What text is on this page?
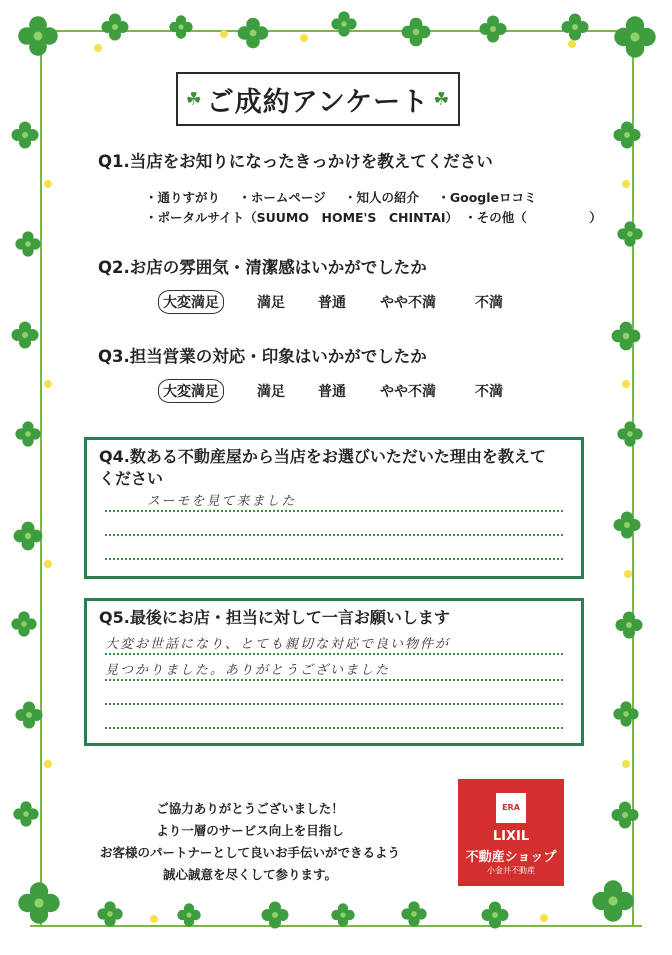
☘ ご成約アンケート ☘
Q1.当店をお知りになったきっかけを教えてください
・通りすがり ・ホームページ ・知人の紹介 ・Googleロコミ
・ポータルサイト（SUUMO　HOME'S　CHINTAI）　・その他（　　　　　）
Q2.お店の雰囲気・清潔感はいかがでしたか
大変満足	満足 普通 やや不満	不満
Q3.担当営業の対応・印象はいかがでしたか
大変満足	満足 普通 やや不満	不満
Q4.数ある不動産屋から当店をお選びいただいた理由を教えて
ください
スーモを見て来ました
Q5.最後にお店・担当に対して一言お願いします
大変お世話になり、とても親切な対応で良い物件が
見つかりました。ありがとうございました
ご協力ありがとうございました！
より一層のサービス向上を目指し
お客様のパートナーとして良いお手伝いができるよう
誠心誠意を尽くして参ります。
ERA
LIXIL
不動産ショップ
小金井不動産
